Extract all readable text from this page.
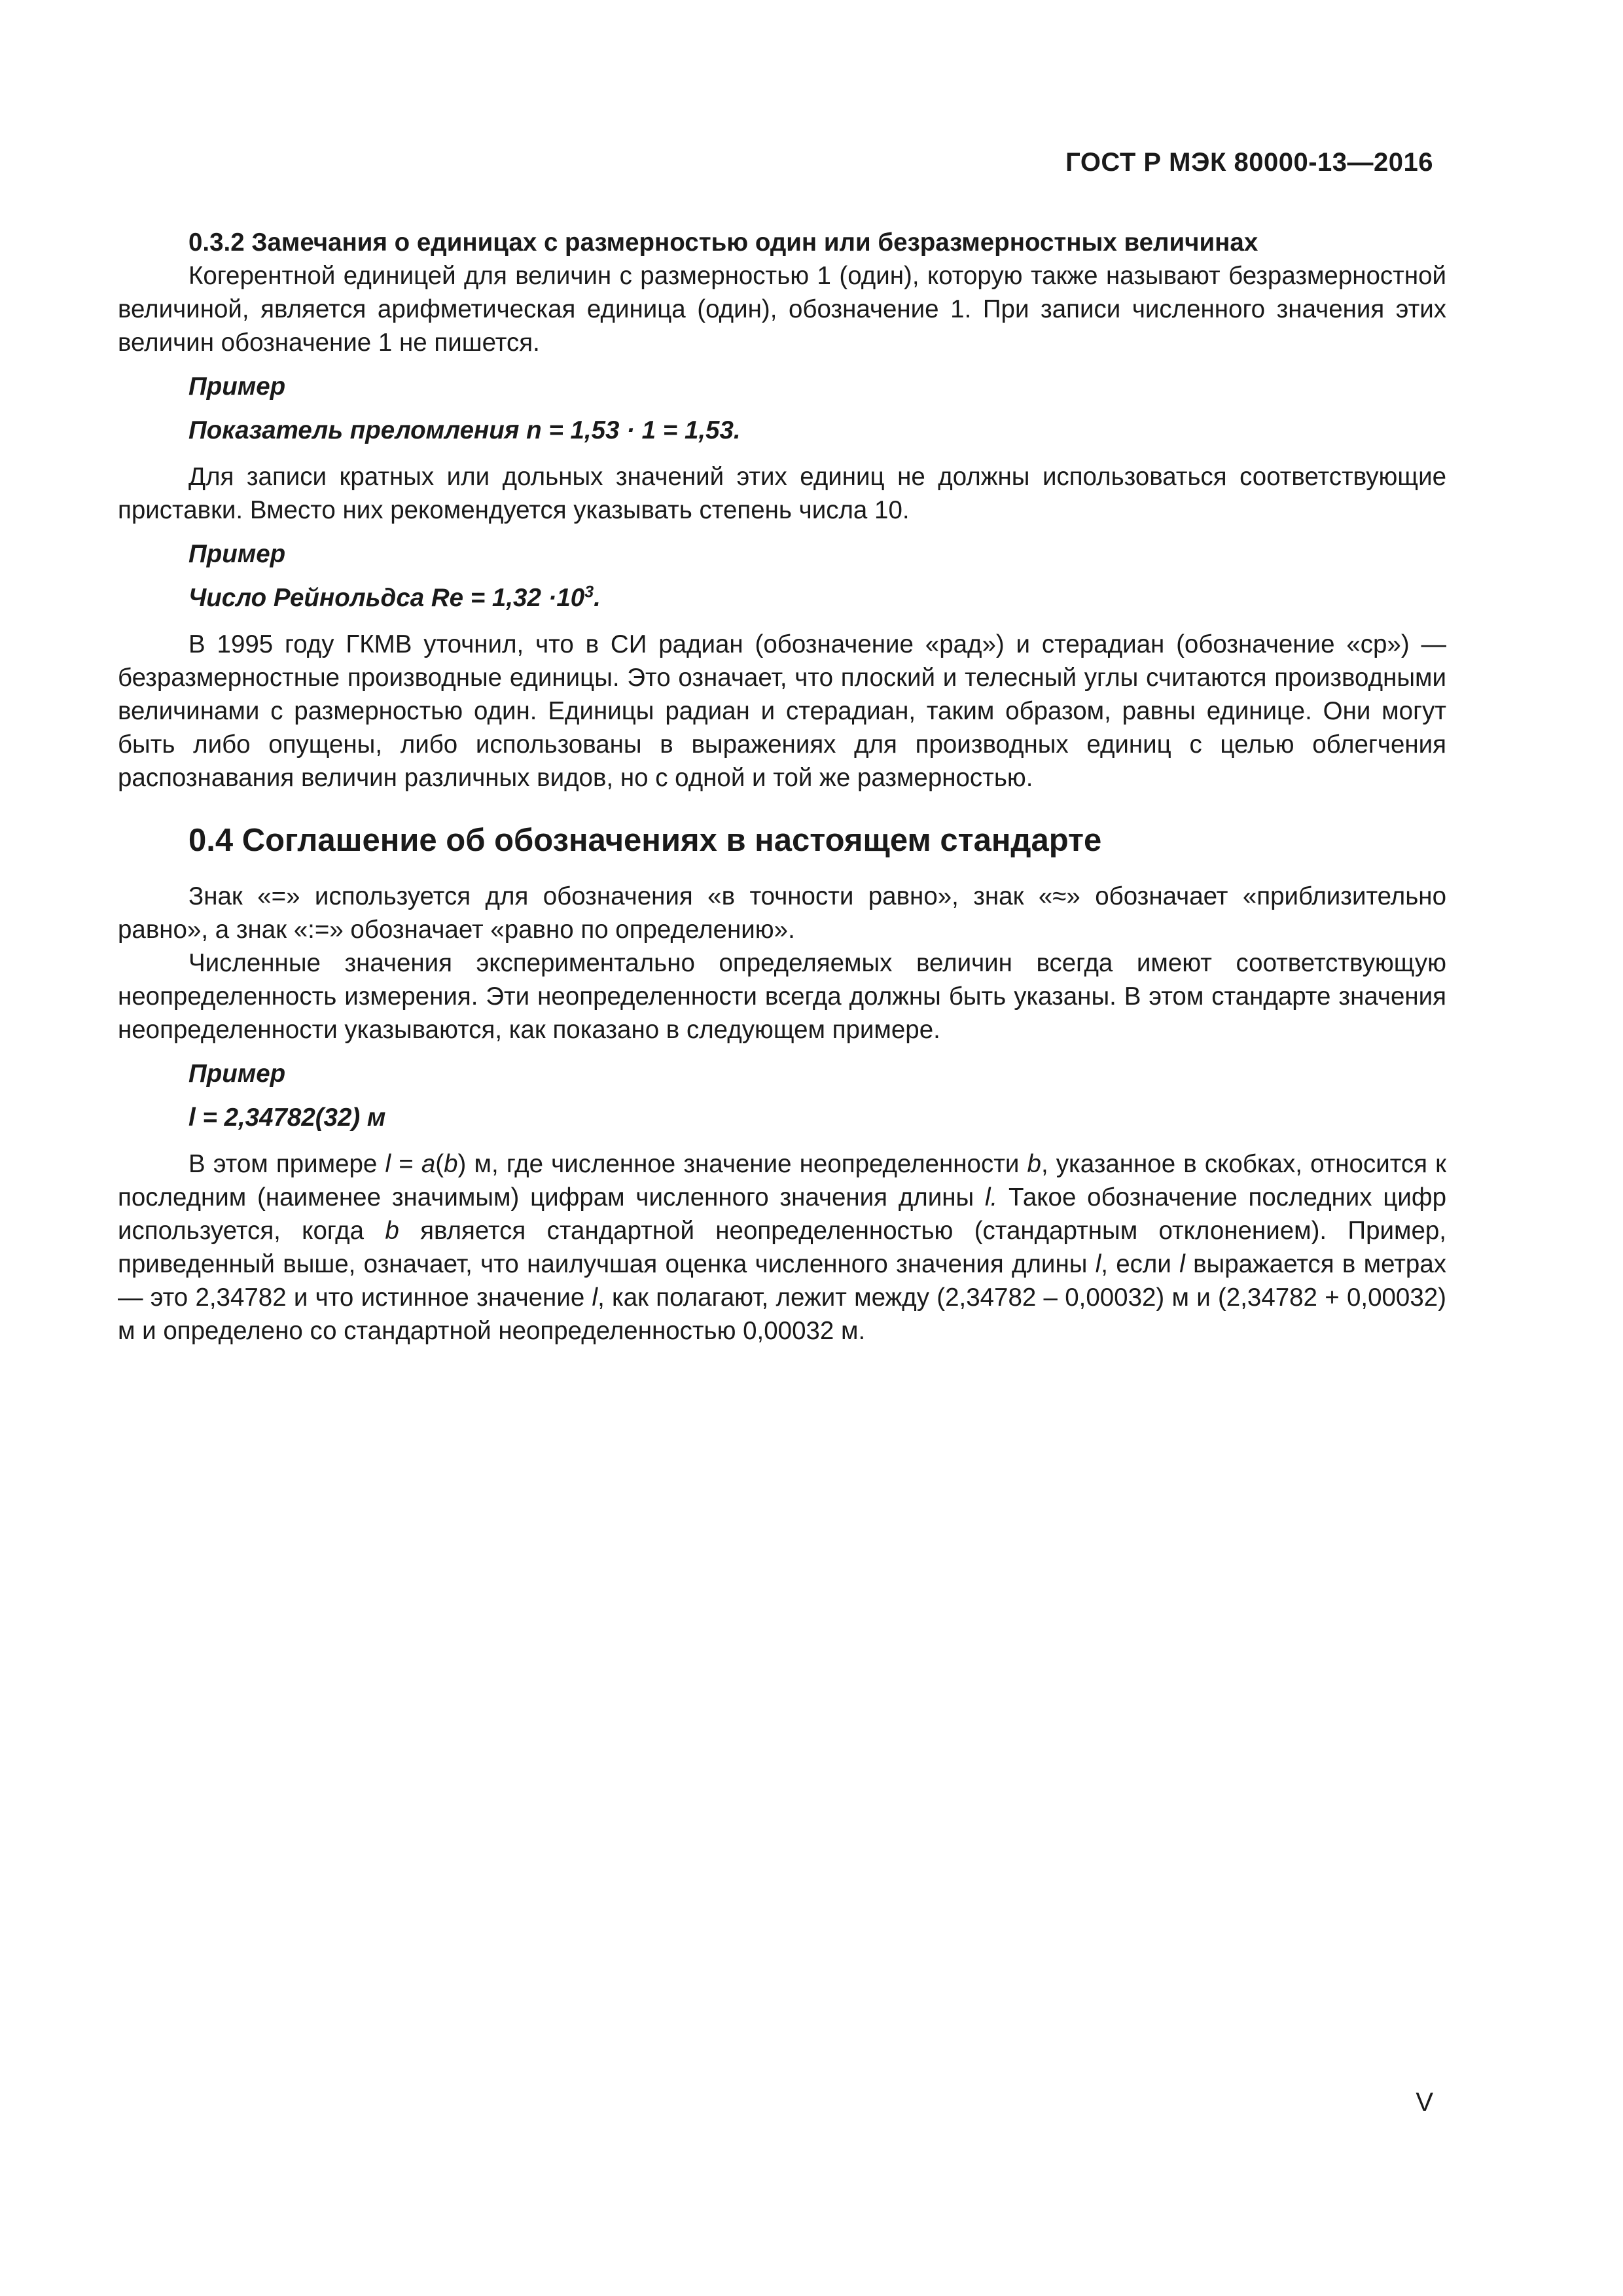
ГОСТ Р МЭК 80000-13—2016

0.3.2 Замечания о единицах с размерностью один или безразмерностных величинах

Когерентной единицей для величин с размерностью 1 (один), которую также называют безразмерностной величиной, является арифметическая единица (один), обозначение 1. При записи численного значения этих величин обозначение 1 не пишется.

Пример

Показатель преломления n = 1,53 · 1 = 1,53.

Для записи кратных или дольных значений этих единиц не должны использоваться соответствующие приставки. Вместо них рекомендуется указывать степень числа 10.

Пример

Число Рейнольдса $Re = 1,32 \cdot 10^3$.

В 1995 году ГКМВ уточнил, что в СИ радиан (обозначение «рад») и стерадиан (обозначение «ср») — безразмерностные производные единицы. Это означает, что плоский и телесный углы считаются производными величинами с размерностью один. Единицы радиан и стерадиан, таким образом, равны единице. Они могут быть либо опущены, либо использованы в выражениях для производных единиц с целью облегчения распознавания величин различных видов, но с одной и той же размерностью.

0.4 Соглашение об обозначениях в настоящем стандарте

Знак «=» используется для обозначения «в точности равно», знак «≈» обозначает «приблизительно равно», а знак «:=» обозначает «равно по определению».

Численные значения экспериментально определяемых величин всегда имеют соответствующую неопределенность измерения. Эти неопределенности всегда должны быть указаны. В этом стандарте значения неопределенности указываются, как показано в следующем примере.

Пример

l = 2,34782(32) м

В этом примере l = a(b) м, где численное значение неопределенности b, указанное в скобках, относится к последним (наименее значимым) цифрам численного значения длины l. Такое обозначение последних цифр используется, когда b является стандартной неопределенностью (стандартным отклонением). Пример, приведенный выше, означает, что наилучшая оценка численного значения длины l, если l выражается в метрах — это 2,34782 и что истинное значение l, как полагают, лежит между (2,34782 – 0,00032) м и (2,34782 + 0,00032) м и определено со стандартной неопределенностью 0,00032 м.

V
